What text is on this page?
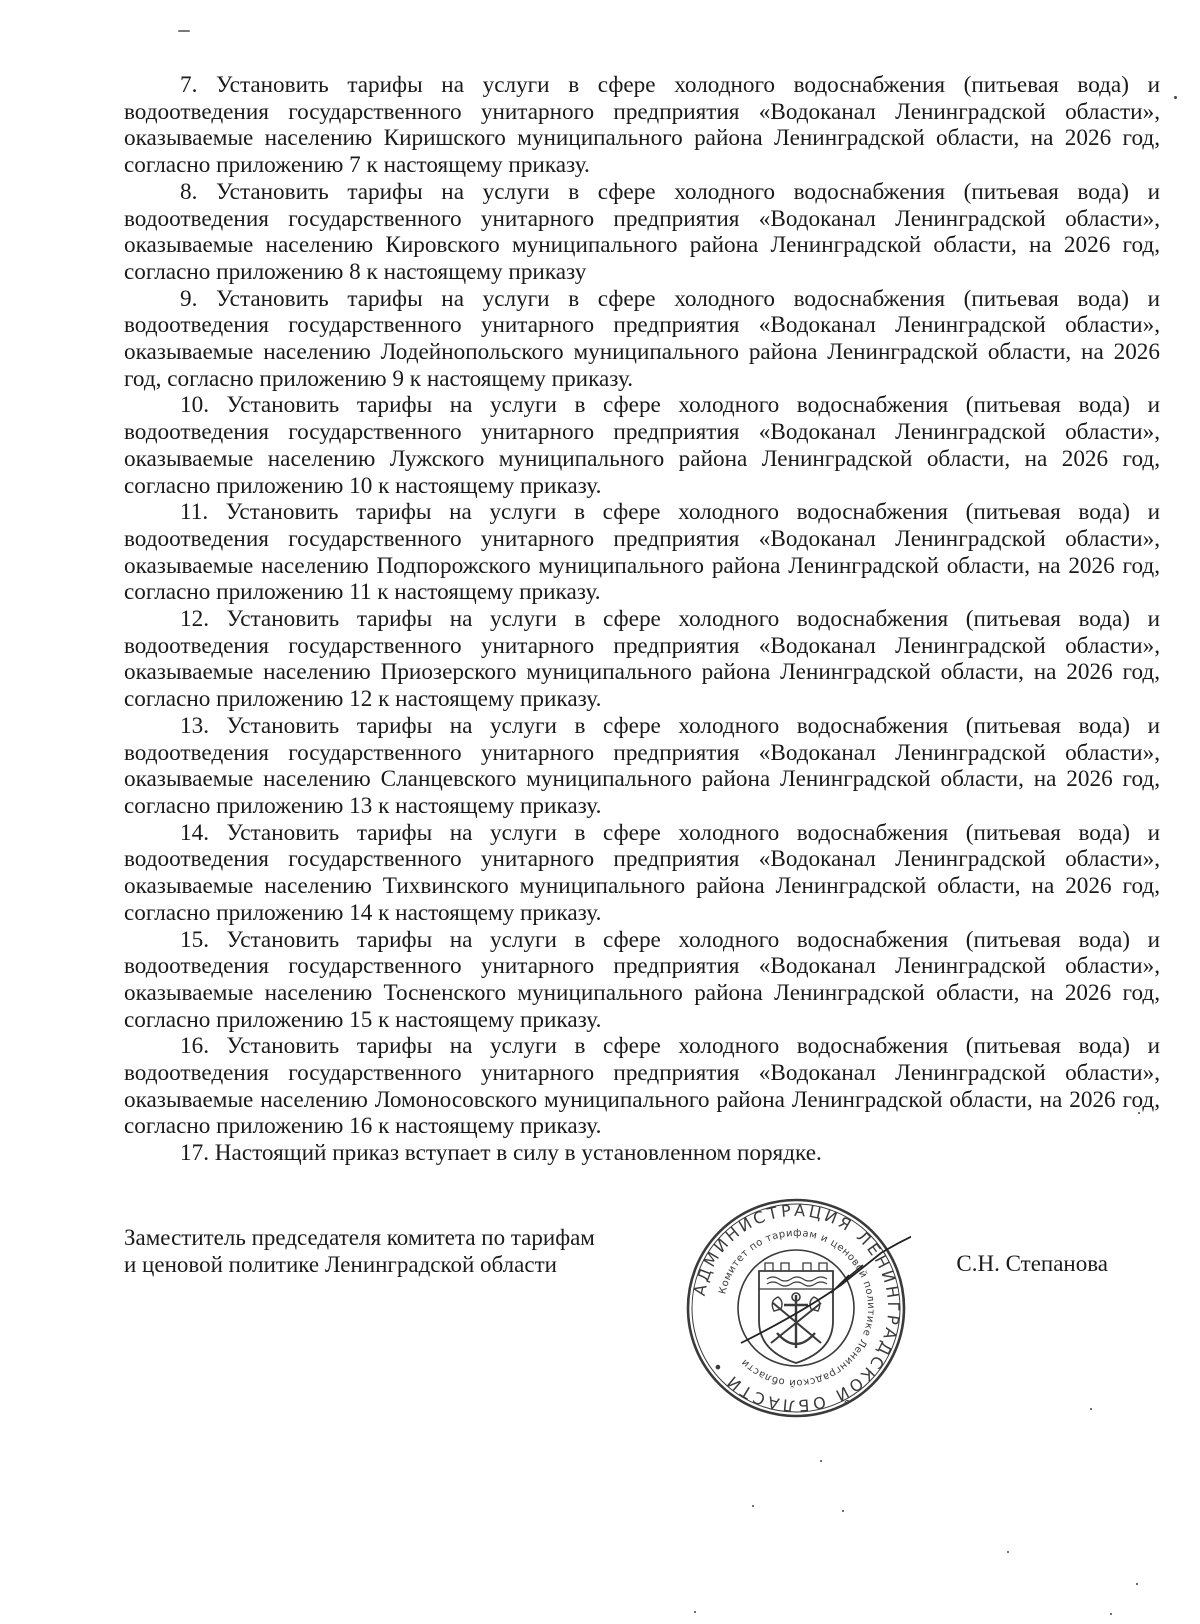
7. Установить тарифы на услуги в сфере холодного водоснабжения (питьевая вода) и водоотведения государственного унитарного предприятия «Водоканал Ленинградской области», оказываемые населению Киришского муниципального района Ленинградской области, на 2026 год, согласно приложению 7 к настоящему приказу.

8. Установить тарифы на услуги в сфере холодного водоснабжения (питьевая вода) и водоотведения государственного унитарного предприятия «Водоканал Ленинградской области», оказываемые населению Кировского муниципального района Ленинградской области, на 2026 год, согласно приложению 8 к настоящему приказу

9. Установить тарифы на услуги в сфере холодного водоснабжения (питьевая вода) и водоотведения государственного унитарного предприятия «Водоканал Ленинградской области», оказываемые населению Лодейнопольского муниципального района Ленинградской области, на 2026 год, согласно приложению 9 к настоящему приказу.

10. Установить тарифы на услуги в сфере холодного водоснабжения (питьевая вода) и водоотведения государственного унитарного предприятия «Водоканал Ленинградской области», оказываемые населению Лужского муниципального района Ленинградской области, на 2026 год, согласно приложению 10 к настоящему приказу.

11. Установить тарифы на услуги в сфере холодного водоснабжения (питьевая вода) и водоотведения государственного унитарного предприятия «Водоканал Ленинградской области», оказываемые населению Подпорожского муниципального района Ленинградской области, на 2026 год, согласно приложению 11 к настоящему приказу.

12. Установить тарифы на услуги в сфере холодного водоснабжения (питьевая вода) и водоотведения государственного унитарного предприятия «Водоканал Ленинградской области», оказываемые населению Приозерского муниципального района Ленинградской области, на 2026 год, согласно приложению 12 к настоящему приказу.

13. Установить тарифы на услуги в сфере холодного водоснабжения (питьевая вода) и водоотведения государственного унитарного предприятия «Водоканал Ленинградской области», оказываемые населению Сланцевского муниципального района Ленинградской области, на 2026 год, согласно приложению 13 к настоящему приказу.

14. Установить тарифы на услуги в сфере холодного водоснабжения (питьевая вода) и водоотведения государственного унитарного предприятия «Водоканал Ленинградской области», оказываемые населению Тихвинского муниципального района Ленинградской области, на 2026 год, согласно приложению 14 к настоящему приказу.

15. Установить тарифы на услуги в сфере холодного водоснабжения (питьевая вода) и водоотведения государственного унитарного предприятия «Водоканал Ленинградской области», оказываемые населению Тосненского муниципального района Ленинградской области, на 2026 год, согласно приложению 15 к настоящему приказу.

16. Установить тарифы на услуги в сфере холодного водоснабжения (питьевая вода) и водоотведения государственного унитарного предприятия «Водоканал Ленинградской области», оказываемые населению Ломоносовского муниципального района Ленинградской области, на 2026 год, согласно приложению 16 к настоящему приказу.

17. Настоящий приказ вступает в силу в установленном порядке.

Заместитель председателя комитета по тарифам
и ценовой политике Ленинградской области
АДМИНИСТРАЦИЯ ЛЕНИНГРАДСКОЙ ОБЛАСТИ •
Комитет по тарифам и ценовой политике Ленинградской области

С.Н. Степанова
